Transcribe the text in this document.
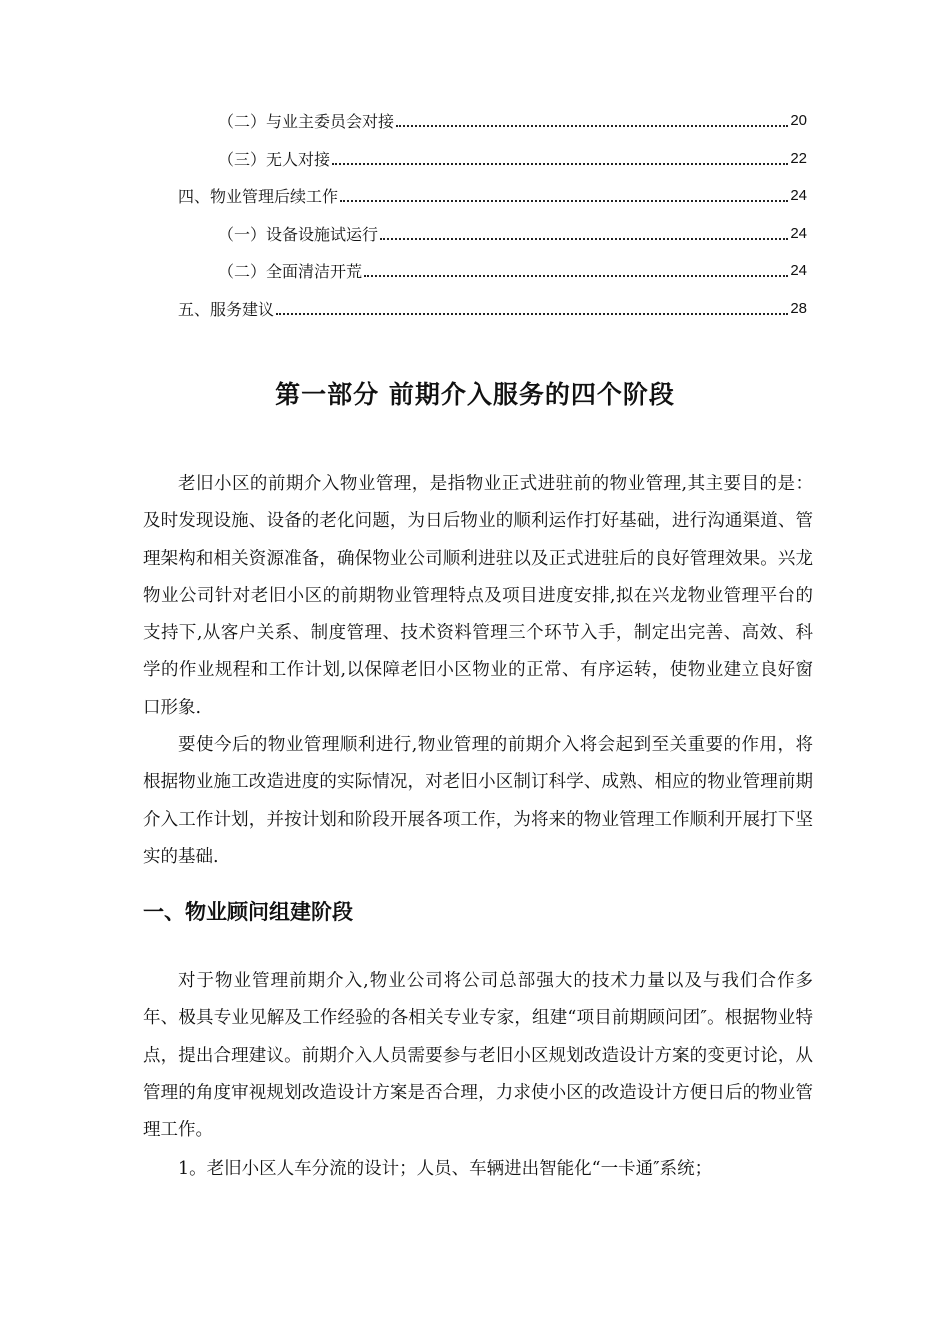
（二）与业主委员会对接	20
（三）无人对接	22
四、物业管理后续工作	24
（一）设备设施试运行	24
（二）全面清洁开荒	24
五、服务建议	28
第一部分 前期介入服务的四个阶段

老旧小区的前期介入物业管理，是指物业正式进驻前的物业管理,其主要目的是：及时发现设施、设备的老化问题，为日后物业的顺利运作打好基础，进行沟通渠道、管理架构和相关资源准备，确保物业公司顺利进驻以及正式进驻后的良好管理效果。兴龙物业公司针对老旧小区的前期物业管理特点及项目进度安排,拟在兴龙物业管理平台的支持下,从客户关系、制度管理、技术资料管理三个环节入手，制定出完善、高效、科学的作业规程和工作计划,以保障老旧小区物业的正常、有序运转，使物业建立良好窗口形象.

要使今后的物业管理顺利进行,物业管理的前期介入将会起到至关重要的作用，将根据物业施工改造进度的实际情况，对老旧小区制订科学、成熟、相应的物业管理前期介入工作计划，并按计划和阶段开展各项工作，为将来的物业管理工作顺利开展打下坚实的基础.

一、物业顾问组建阶段

对于物业管理前期介入,物业公司将公司总部强大的技术力量以及与我们合作多年、极具专业见解及工作经验的各相关专业专家，组建“项目前期顾问团″。根据物业特点，提出合理建议。前期介入人员需要参与老旧小区规划改造设计方案的变更讨论，从管理的角度审视规划改造设计方案是否合理，力求使小区的改造设计方便日后的物业管理工作。

1。老旧小区人车分流的设计；人员、车辆进出智能化“一卡通″系统；
